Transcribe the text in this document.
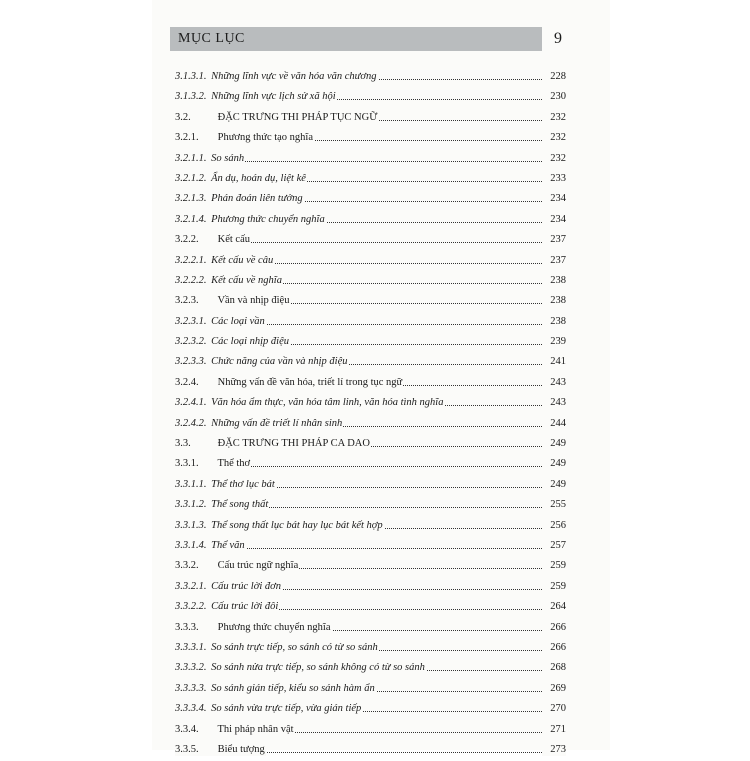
MỤC LỤC	9
3.1.3.1. Những lĩnh vực về văn hóa văn chương	228
3.1.3.2. Những lĩnh vực lịch sử xã hội	230
3.2.	ĐẶC TRƯNG THI PHÁP TỤC NGỮ	232
3.2.1. Phương thức tạo nghĩa	232
3.2.1.1. So sánh	232
3.2.1.2. Ẩn dụ, hoán dụ, liệt kê	233
3.2.1.3. Phán đoán liên tưởng	234
3.2.1.4. Phương thức chuyển nghĩa	234
3.2.2. Kết cấu	237
3.2.2.1. Kết cấu về câu	237
3.2.2.2. Kết cấu về nghĩa	238
3.2.3. Vần và nhịp điệu	238
3.2.3.1. Các loại vần	238
3.2.3.2. Các loại nhịp điệu	239
3.2.3.3. Chức năng của vần và nhịp điệu	241
3.2.4. Những vấn đề văn hóa, triết lí trong tục ngữ	243
3.2.4.1. Văn hóa ẩm thực, văn hóa tâm linh, văn hóa tình nghĩa	243
3.2.4.2. Những vấn đề triết lí nhân sinh	244
3.3.	ĐẶC TRƯNG THI PHÁP CA DAO	249
3.3.1. Thể thơ	249
3.3.1.1. Thể thơ lục bát	249
3.3.1.2. Thể song thất	255
3.3.1.3. Thể song thất lục bát hay lục bát kết hợp	256
3.3.1.4. Thể vãn	257
3.3.2. Cấu trúc ngữ nghĩa	259
3.3.2.1. Cấu trúc lời đơn	259
3.3.2.2. Cấu trúc lời đôi	264
3.3.3. Phương thức chuyển nghĩa	266
3.3.3.1. So sánh trực tiếp, so sánh có từ so sánh	266
3.3.3.2. So sánh nửa trực tiếp, so sánh không có từ so sánh	268
3.3.3.3. So sánh gián tiếp, kiểu so sánh hàm ẩn	269
3.3.3.4. So sánh vừa trực tiếp, vừa gián tiếp	270
3.3.4. Thi pháp nhân vật	271
3.3.5. Biểu tượng	273
